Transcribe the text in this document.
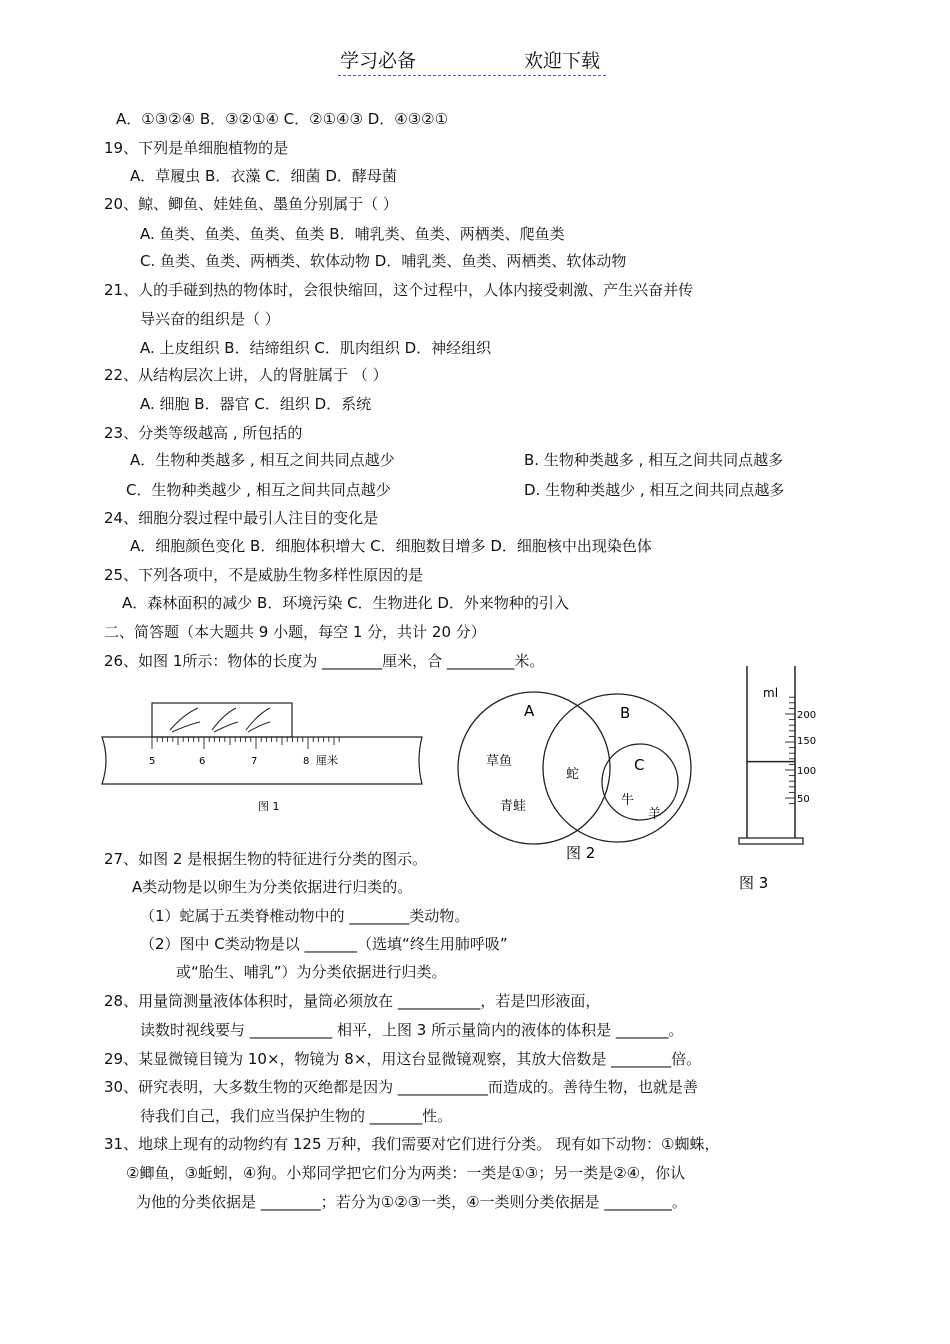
学习必备	欢迎下载
A．①③②④ B．③②①④ C．②①④③ D．④③②①
19、下列是单细胞植物的是
A．草履虫 B．衣藻 C．细菌 D．酵母菌
20、鲸、鲫鱼、娃娃鱼、墨鱼分别属于（ ）
A. 鱼类、鱼类、鱼类、鱼类 B．哺乳类、鱼类、两栖类、爬鱼类
C. 鱼类、鱼类、两栖类、软体动物 D．哺乳类、鱼类、两栖类、软体动物
21、人的手碰到热的物体时，会很快缩回，这个过程中，人体内接受刺激、产生兴奋并传
导兴奋的组织是（ ）
A. 上皮组织 B．结缔组织 C．肌肉组织 D．神经组织
22、从结构层次上讲，人的肾脏属于 （ ）
A. 细胞 B．器官 C．组织 D．系统
23、分类等级越高 , 所包括的
A．生物种类越多 , 相互之间共同点越少	B. 生物种类越多 , 相互之间共同点越多
C．生物种类越少 , 相互之间共同点越少	D. 生物种类越少 , 相互之间共同点越多
24、细胞分裂过程中最引人注目的变化是
A．细胞颜色变化 B．细胞体积增大 C．细胞数目增多 D．细胞核中出现染色体
25、下列各项中，不是威胁生物多样性原因的是
A．森林面积的减少 B．环境污染 C．生物进化 D．外来物种的引入
二、简答题（本大题共 9 小题，每空 1 分，共计 20 分）
26、如图 1所示：物体的长度为 ________厘米，合 _________米。
5	6	7	8 厘米
图 1
A	B
C
草鱼
青蛙
蛇
牛
羊
图 2
ml
200
150
100
50
图 3
27、如图 2 是根据生物的特征进行分类的图示。
A类动物是以卵生为分类依据进行归类的。
（1）蛇属于五类脊椎动物中的 ________类动物。
（2）图中 C类动物是以 _______（选填“终生用肺呼吸”
或“胎生、哺乳”）为分类依据进行归类。
28、用量筒测量液体体积时，量筒必须放在 ___________，若是凹形液面，
读数时视线要与 ___________ 相平，上图 3 所示量筒内的液体的体积是 _______。
29、某显微镜目镜为 10×，物镜为 8×，用这台显微镜观察，其放大倍数是 ________倍。
30、研究表明，大多数生物的灭绝都是因为 ____________而造成的。善待生物，也就是善
待我们自己，我们应当保护生物的 _______性。
31、地球上现有的动物约有 125 万种，我们需要对它们进行分类。 现有如下动物：①蜘蛛，
②鲫鱼，③蚯蚓，④狗。小郑同学把它们分为两类：一类是①③；另一类是②④，你认
为他的分类依据是 ________；若分为①②③一类，④一类则分类依据是 _________。
